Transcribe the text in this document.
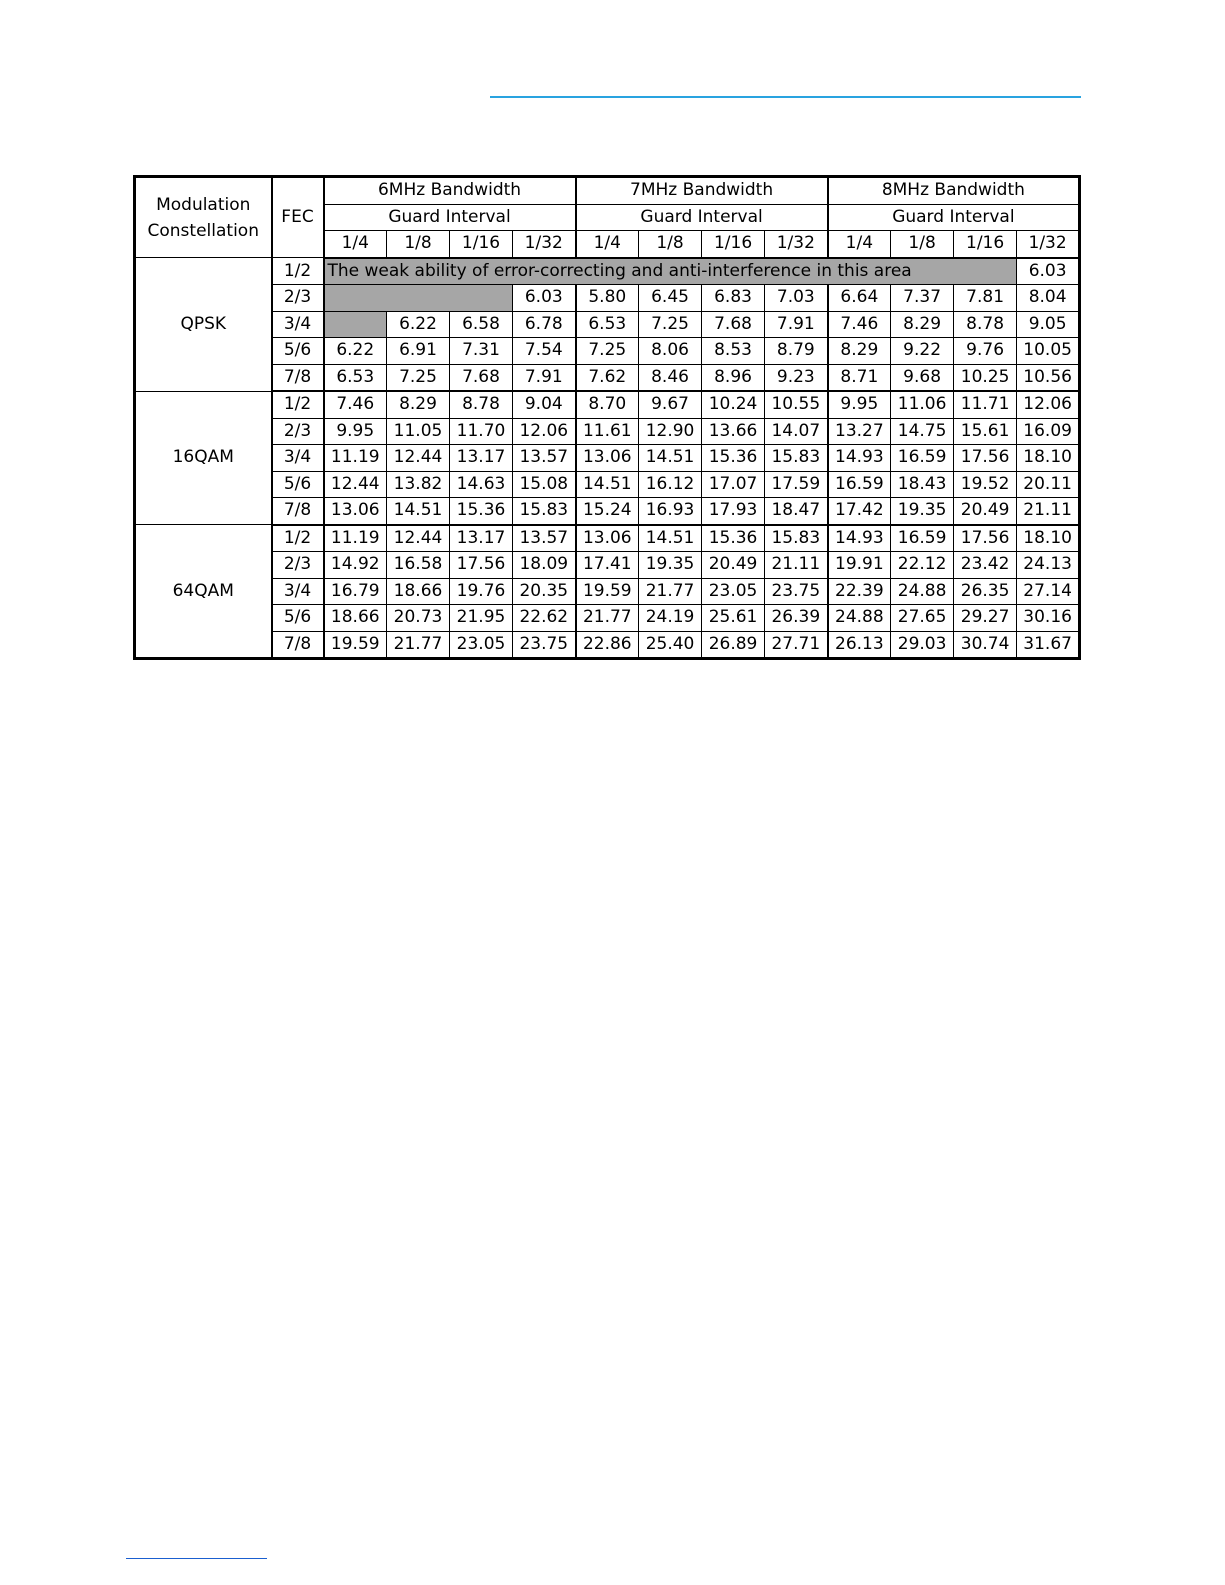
Modulation Constellation	FEC	6MHz Bandwidth				7MHz Bandwidth				8MHz Bandwidth			
		Guard Interval				Guard Interval				Guard Interval			
		1/4	1/8	1/16	1/32	1/4	1/8	1/16	1/32	1/4	1/8	1/16	1/32
QPSK	1/2	The weak ability of error-correcting and anti-interference in this area											6.03
	2/3				6.03	5.80	6.45	6.83	7.03	6.64	7.37	7.81	8.04
	3/4		6.22	6.58	6.78	6.53	7.25	7.68	7.91	7.46	8.29	8.78	9.05
	5/6	6.22	6.91	7.31	7.54	7.25	8.06	8.53	8.79	8.29	9.22	9.76	10.05
	7/8	6.53	7.25	7.68	7.91	7.62	8.46	8.96	9.23	8.71	9.68	10.25	10.56
16QAM	1/2	7.46	8.29	8.78	9.04	8.70	9.67	10.24	10.55	9.95	11.06	11.71	12.06
	2/3	9.95	11.05	11.70	12.06	11.61	12.90	13.66	14.07	13.27	14.75	15.61	16.09
	3/4	11.19	12.44	13.17	13.57	13.06	14.51	15.36	15.83	14.93	16.59	17.56	18.10
	5/6	12.44	13.82	14.63	15.08	14.51	16.12	17.07	17.59	16.59	18.43	19.52	20.11
	7/8	13.06	14.51	15.36	15.83	15.24	16.93	17.93	18.47	17.42	19.35	20.49	21.11
64QAM	1/2	11.19	12.44	13.17	13.57	13.06	14.51	15.36	15.83	14.93	16.59	17.56	18.10
	2/3	14.92	16.58	17.56	18.09	17.41	19.35	20.49	21.11	19.91	22.12	23.42	24.13
	3/4	16.79	18.66	19.76	20.35	19.59	21.77	23.05	23.75	22.39	24.88	26.35	27.14
	5/6	18.66	20.73	21.95	22.62	21.77	24.19	25.61	26.39	24.88	27.65	29.27	30.16
	7/8	19.59	21.77	23.05	23.75	22.86	25.40	26.89	27.71	26.13	29.03	30.74	31.67
